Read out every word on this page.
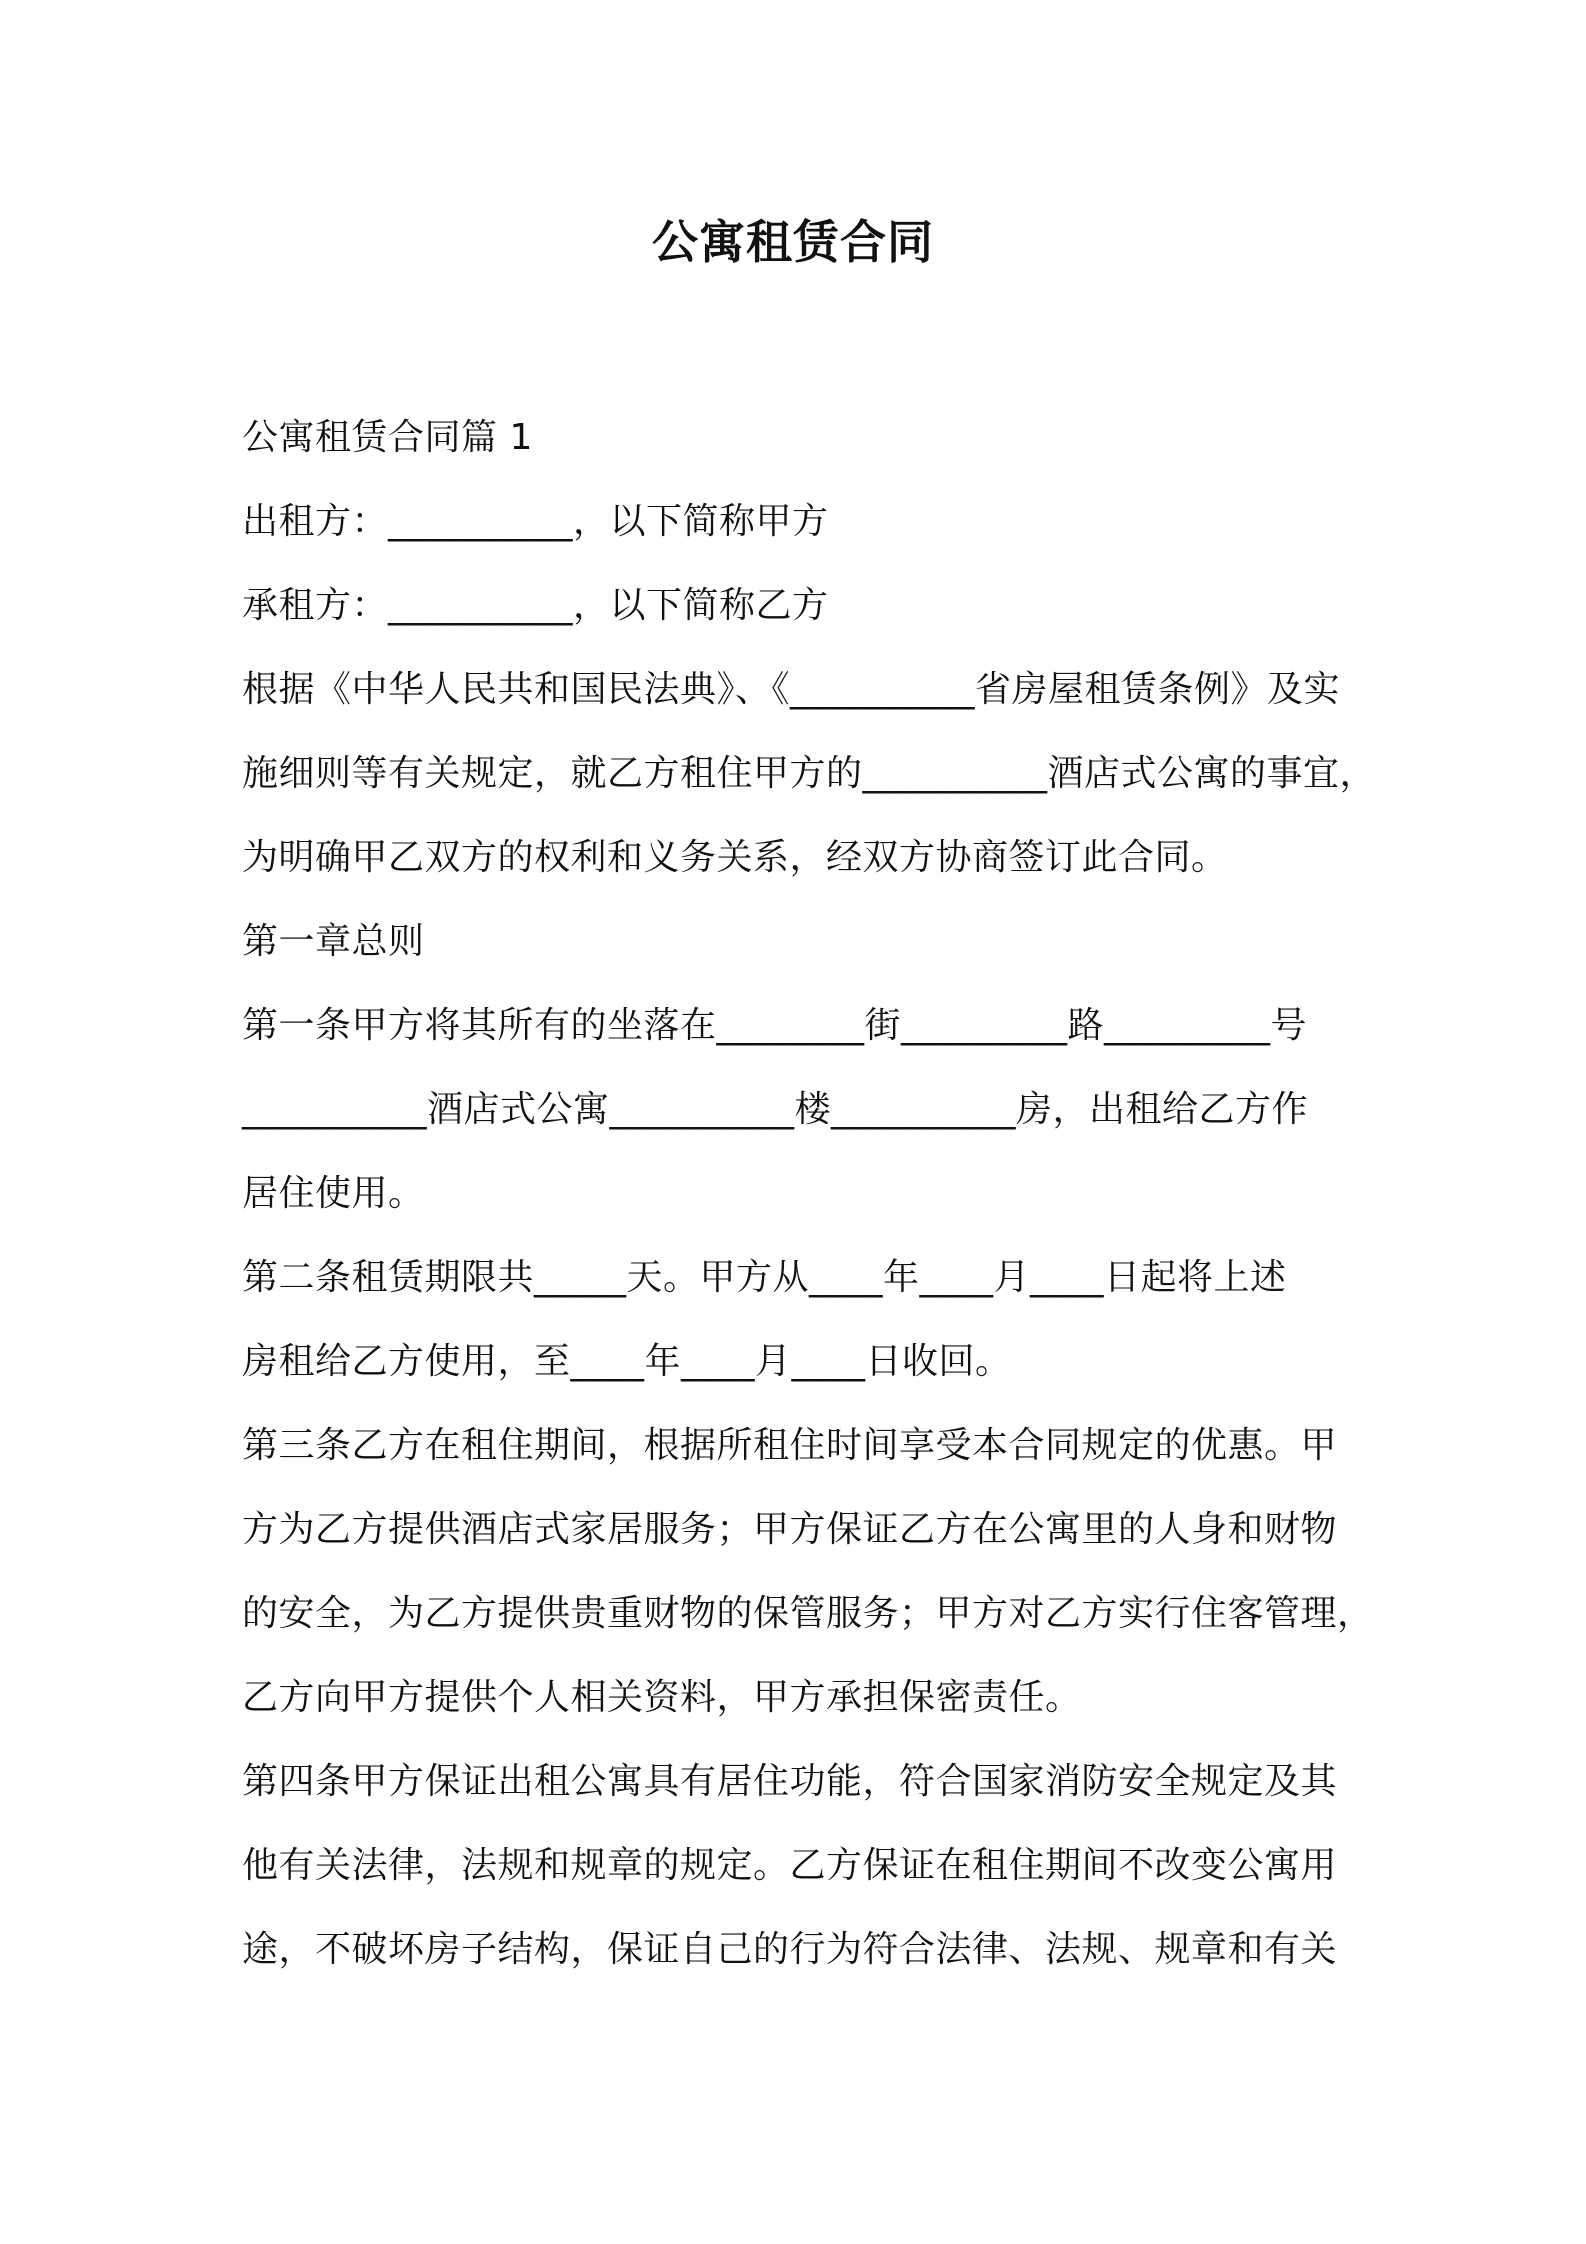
公寓租赁合同

公寓租赁合同篇 1

出租方：__________，以下简称甲方

承租方：__________，以下简称乙方

根据《中华人民共和国民法典》、《__________省房屋租赁条例》及实

施细则等有关规定，就乙方租住甲方的__________酒店式公寓的事宜，

为明确甲乙双方的权利和义务关系，经双方协商签订此合同。

第一章总则

第一条甲方将其所有的坐落在________街_________路_________号

__________酒店式公寓__________楼__________房，出租给乙方作

居住使用。

第二条租赁期限共_____天。甲方从____年____月____日起将上述

房租给乙方使用，至____年____月____日收回。

第三条乙方在租住期间，根据所租住时间享受本合同规定的优惠。甲

方为乙方提供酒店式家居服务；甲方保证乙方在公寓里的人身和财物

的安全，为乙方提供贵重财物的保管服务；甲方对乙方实行住客管理，

乙方向甲方提供个人相关资料，甲方承担保密责任。

第四条甲方保证出租公寓具有居住功能，符合国家消防安全规定及其

他有关法律，法规和规章的规定。乙方保证在租住期间不改变公寓用

途，不破坏房子结构，保证自己的行为符合法律、法规、规章和有关
